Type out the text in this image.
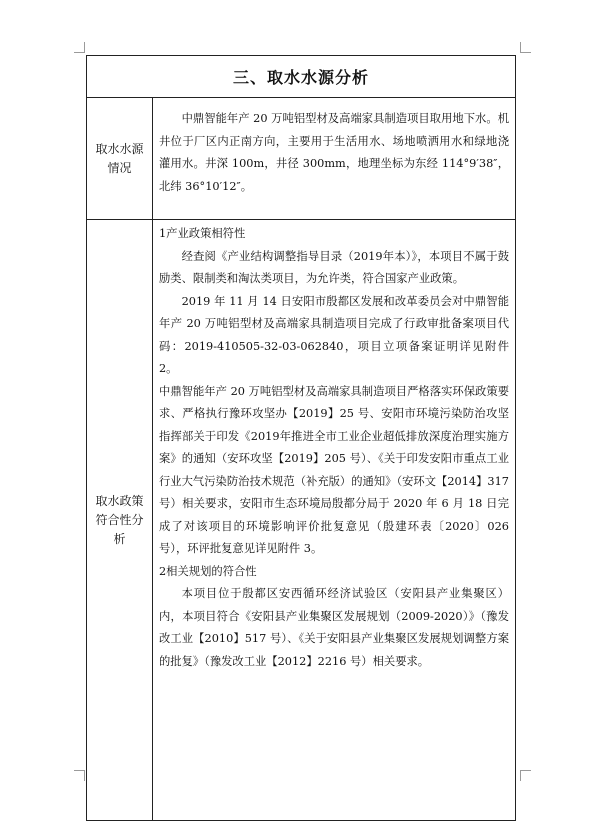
三、取水水源分析
取水水源情况

中鼎智能年产 20 万吨铝型材及高端家具制造项目取用地下水。机井位于厂区内正南方向，主要用于生活用水、场地喷洒用水和绿地浇灌用水。井深 100m，井径 300mm，地理坐标为东经 114°9′38″，北纬 36°10′12″。

取水政策符合性分析

1产业政策相符性

经查阅《产业结构调整指导目录（2019年本）》，本项目不属于鼓励类、限制类和淘汰类项目，为允许类，符合国家产业政策。

2019 年 11 月 14 日安阳市殷都区发展和改革委员会对中鼎智能年产 20 万吨铝型材及高端家具制造项目完成了行政审批备案项目代码：2019-410505-32-03-062840，项目立项备案证明详见附件 2。

中鼎智能年产 20 万吨铝型材及高端家具制造项目严格落实环保政策要求、严格执行豫环攻坚办【2019】25 号、安阳市环境污染防治攻坚指挥部关于印发《2019年推进全市工业企业超低排放深度治理实施方案》的通知（安环攻坚【2019】205 号）、《关于印发安阳市重点工业行业大气污染防治技术规范（补充版）的通知》（安环文【2014】317 号）相关要求，安阳市生态环境局殷都分局于 2020 年 6 月 18 日完成了对该项目的环境影响评价批复意见（殷建环表〔2020〕026 号），环评批复意见详见附件 3。

2相关规划的符合性

本项目位于殷都区安西循环经济试验区（安阳县产业集聚区）内，本项目符合《安阳县产业集聚区发展规划（2009-2020）》（豫发改工业【2010】517 号）、《关于安阳县产业集聚区发展规划调整方案的批复》（豫发改工业【2012】2216 号）相关要求。
